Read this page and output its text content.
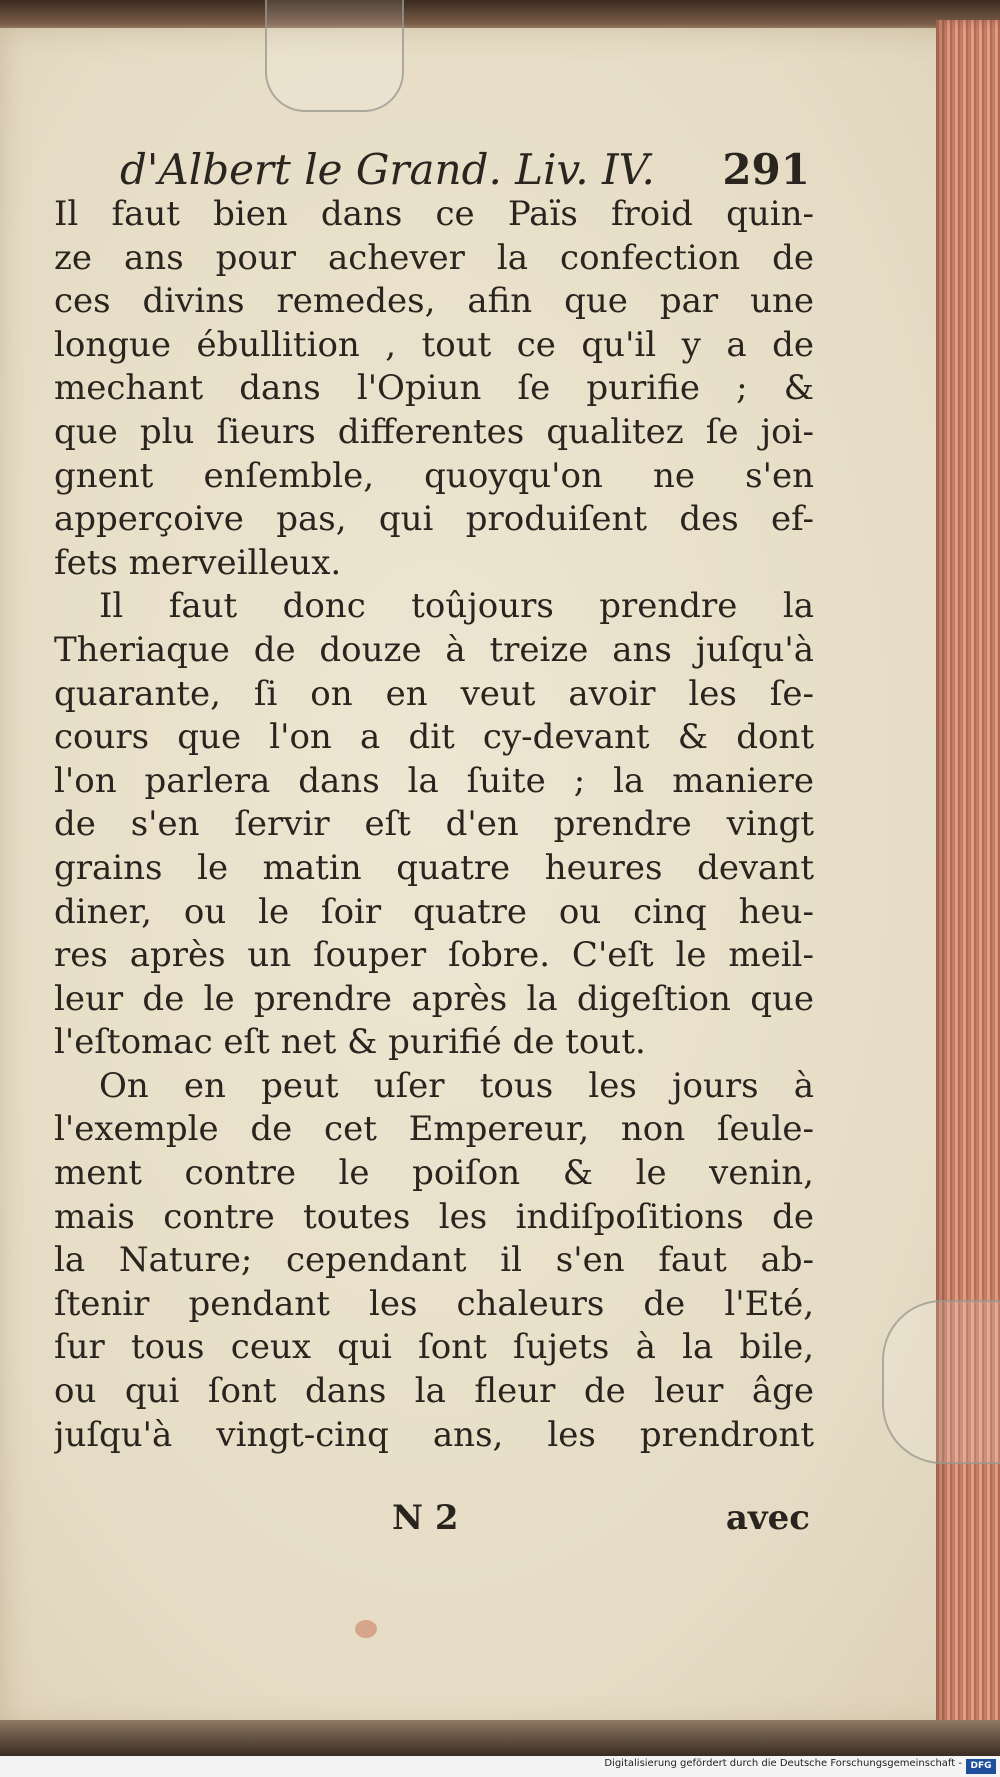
d'Albert le Grand. Liv. IV. 291
Il faut bien dans ce Païs froid quin-
ze ans pour achever la confection de
ces divins remedes, afin que par une
longue ébullition , tout ce qu'il y a de
mechant dans l'Opiun ſe purifie ; &
que plu ſieurs differentes qualitez ſe joi-
gnent enſemble, quoyqu'on ne s'en
apperçoive pas, qui produiſent des ef-
fets merveilleux.
Il faut donc toûjours prendre la
Theriaque de douze à treize ans juſqu'à
quarante, ſi on en veut avoir les ſe-
cours que l'on a dit cy-devant & dont
l'on parlera dans la ſuite ; la maniere
de s'en ſervir eſt d'en prendre vingt
grains le matin quatre heures devant
diner, ou le ſoir quatre ou cinq heu-
res après un ſouper ſobre. C'eſt le meil-
leur de le prendre après la digeſtion que
l'eſtomac eſt net & purifié de tout.
On en peut uſer tous les jours à
l'exemple de cet Empereur, non ſeule-
ment contre le poiſon & le venin,
mais contre toutes les indiſpoſitions de
la Nature; cependant il s'en faut ab-
ſtenir pendant les chaleurs de l'Eté,
ſur tous ceux qui ſont ſujets à la bile,
ou qui ſont dans la fleur de leur âge
juſqu'à vingt-cinq ans, les prendront
N 2	avec
Digitalisierung gefördert durch die Deutsche Forschungsgemeinschaft - DFG
